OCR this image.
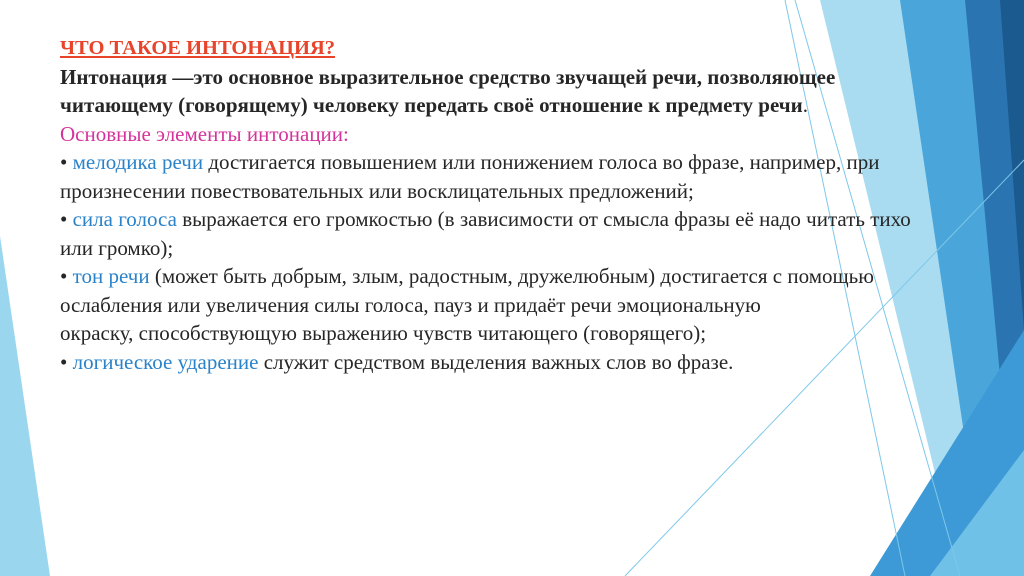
ЧТО ТАКОЕ ИНТОНАЦИЯ?

Интонация —это основное выразительное средство звучащей речи, позволяющее читающему (говорящему) человеку передать своё отношение к предмету речи.

Основные элементы интонации:

• мелодика речи достигается повышением или понижением голоса во фразе, например, при произнесении повествовательных или восклицательных предложений;

• сила голоса выражается его громкостью (в зависимости от смысла фразы её надо читать тихо или громко);

• тон речи (может быть добрым, злым, радостным, дружелюбным) достигается с помощью ослабления или увеличения силы голоса, пауз и придаёт речи эмоциональную

окраску, способствующую выражению чувств читающего (говорящего);

• логическое ударение служит средством выделения важных слов во фразе.
